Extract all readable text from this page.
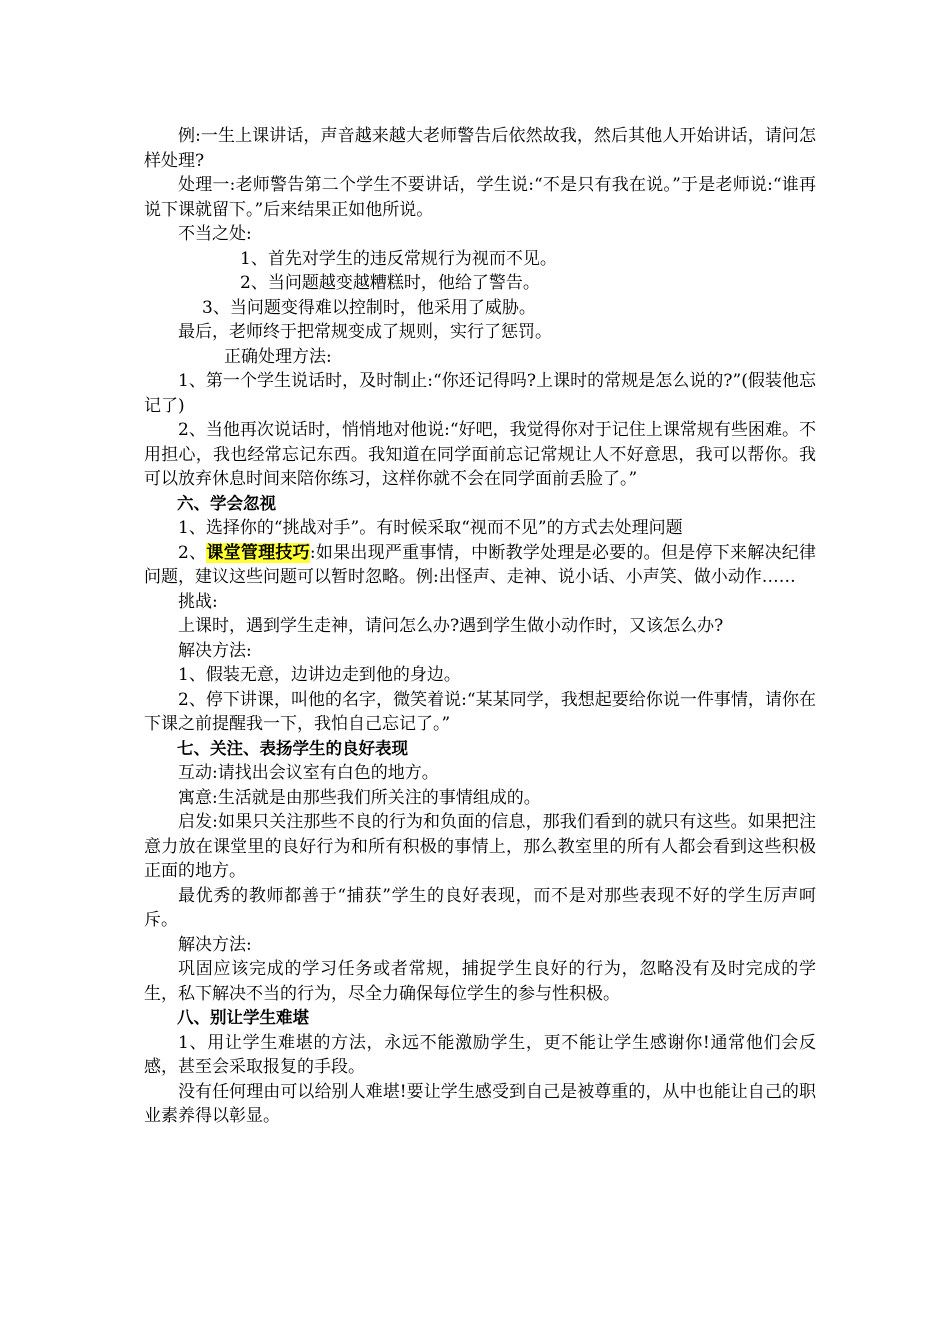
例:一生上课讲话，声音越来越大老师警告后依然故我，然后其他人开始讲话，请问怎样处理?

处理一:老师警告第二个学生不要讲话，学生说:“不是只有我在说。”于是老师说:“谁再说下课就留下。”后来结果正如他所说。

不当之处:

1、首先对学生的违反常规行为视而不见。

2、当问题越变越糟糕时，他给了警告。

3、当问题变得难以控制时，他采用了威胁。

最后，老师终于把常规变成了规则，实行了惩罚。

正确处理方法:

1、第一个学生说话时，及时制止:“你还记得吗?上课时的常规是怎么说的?”(假装他忘记了)

2、当他再次说话时，悄悄地对他说:“好吧，我觉得你对于记住上课常规有些困难。不用担心，我也经常忘记东西。我知道在同学面前忘记常规让人不好意思，我可以帮你。我可以放弃休息时间来陪你练习，这样你就不会在同学面前丢脸了。”

六、学会忽视

1、选择你的“挑战对手”。有时候采取“视而不见”的方式去处理问题

2、课堂管理技巧:如果出现严重事情，中断教学处理是必要的。但是停下来解决纪律问题，建议这些问题可以暂时忽略。例:出怪声、走神、说小话、小声笑、做小动作……

挑战:

上课时，遇到学生走神，请问怎么办?遇到学生做小动作时，又该怎么办?

解决方法:

1、假装无意，边讲边走到他的身边。

2、停下讲课，叫他的名字，微笑着说:“某某同学，我想起要给你说一件事情，请你在下课之前提醒我一下，我怕自己忘记了。”

七、关注、表扬学生的良好表现

互动:请找出会议室有白色的地方。

寓意:生活就是由那些我们所关注的事情组成的。

启发:如果只关注那些不良的行为和负面的信息，那我们看到的就只有这些。如果把注意力放在课堂里的良好行为和所有积极的事情上，那么教室里的所有人都会看到这些积极正面的地方。

最优秀的教师都善于“捕获”学生的良好表现，而不是对那些表现不好的学生厉声呵斥。

解决方法:

巩固应该完成的学习任务或者常规，捕捉学生良好的行为，忽略没有及时完成的学生，私下解决不当的行为，尽全力确保每位学生的参与性积极。

八、别让学生难堪

1、用让学生难堪的方法，永远不能激励学生，更不能让学生感谢你!通常他们会反感，甚至会采取报复的手段。

没有任何理由可以给别人难堪!要让学生感受到自己是被尊重的，从中也能让自己的职业素养得以彰显。
